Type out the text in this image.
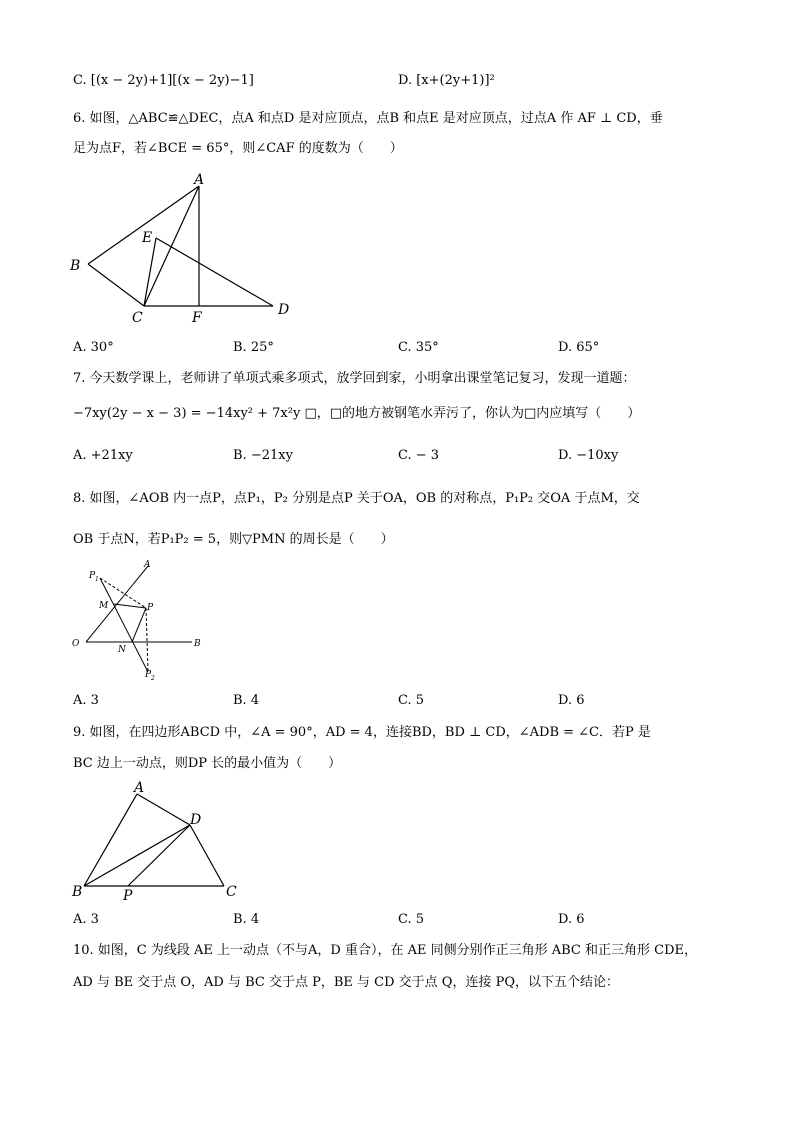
C. [(x − 2y)+1][(x − 2y)−1]	D. [x+(2y+1)]²
6. 如图，△ABC≌△DEC，点A 和点D 是对应顶点，点B 和点E 是对应顶点，过点A 作 AF ⊥ CD，垂
足为点F，若∠BCE = 65°，则∠CAF 的度数为（　　）
A
B
C	D
E
F
A. 30°	B. 25°	C. 35°	D. 65°
7. 今天数学课上，老师讲了单项式乘多项式，放学回到家，小明拿出课堂笔记复习，发现一道题：
−7xy(2y − x − 3) = −14xy² + 7x²y □，□的地方被钢笔水弄污了，你认为□内应填写（　　）
A. +21xy	B. −21xy	C. − 3	D. −10xy
8. 如图，∠AOB 内一点P，点P₁，P₂ 分别是点P 关于OA，OB 的对称点，P₁P₂ 交OA 于点M，交
OB 于点N，若P₁P₂ = 5，则▽PMN 的周长是（　　）
P 1
A
M	P
O
N
B
P 2
A. 3	B. 4	C. 5	D. 6
9. 如图，在四边形ABCD 中，∠A = 90°，AD = 4，连接BD，BD ⊥ CD，∠ADB = ∠C．若P 是
BC 边上一动点，则DP 长的最小值为（　　）
A
D
B	P	C
A. 3	B. 4	C. 5	D. 6
10. 如图，C 为线段 AE 上一动点（不与A，D 重合），在 AE 同侧分别作正三角形 ABC 和正三角形 CDE，
AD 与 BE 交于点 O，AD 与 BC 交于点 P，BE 与 CD 交于点 Q，连接 PQ，以下五个结论：
